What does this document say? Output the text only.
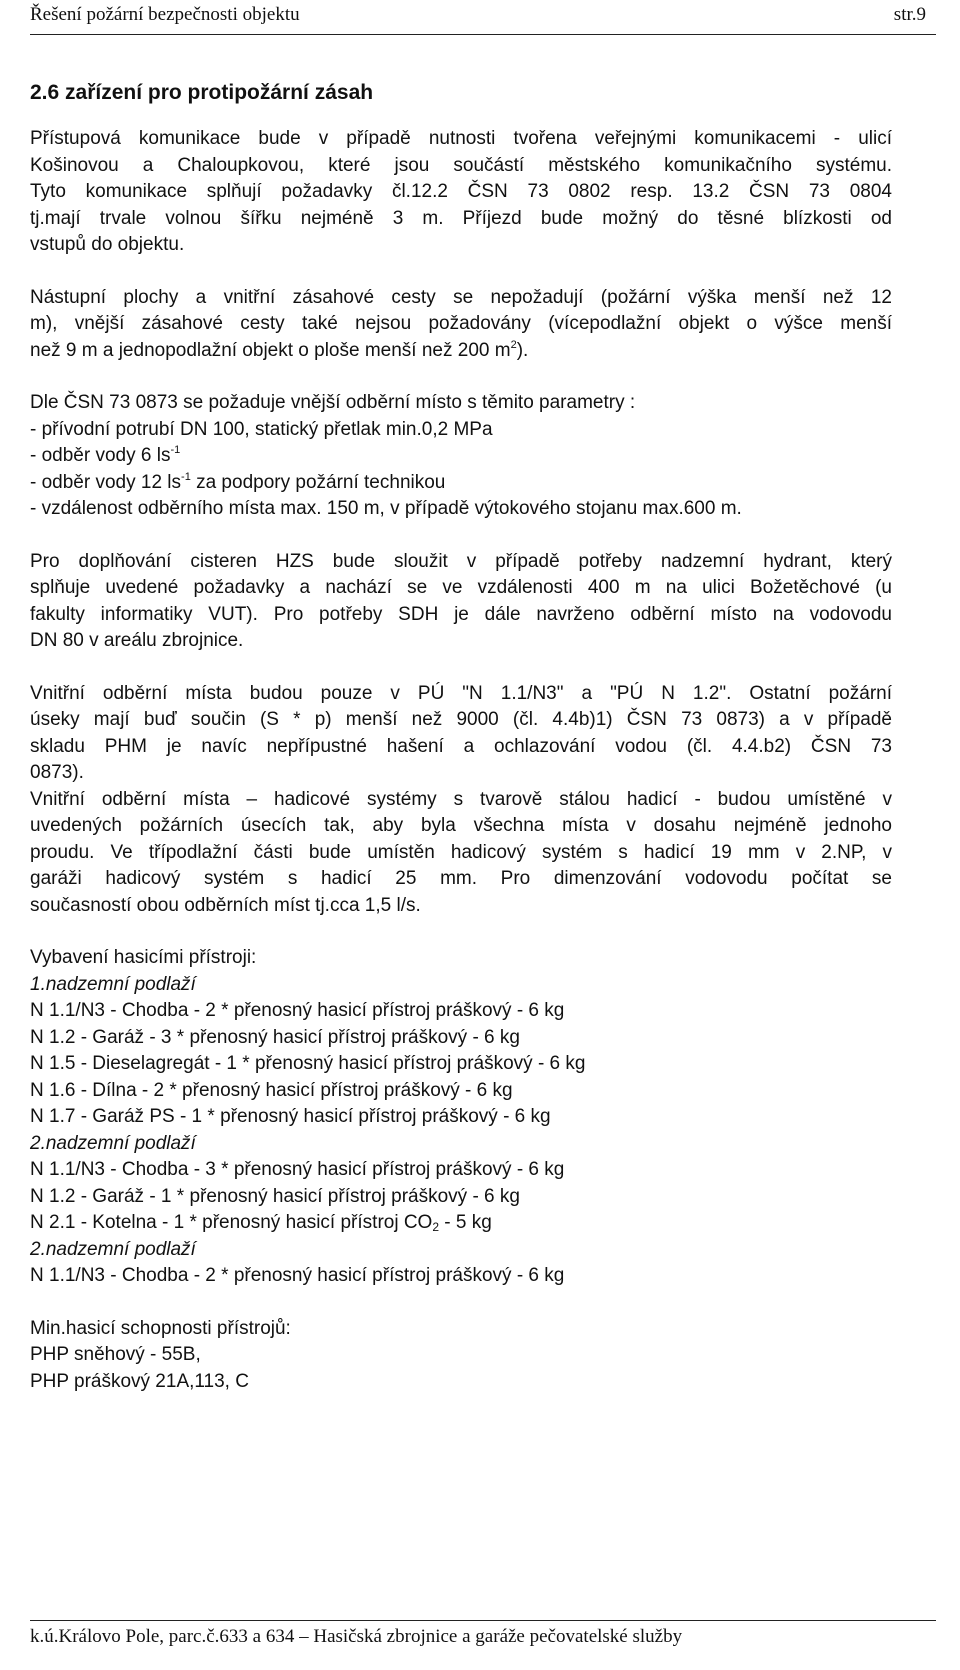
Řešení požární bezpečnosti objektu	str.9
2.6 zařízení pro protipožární zásah
Přístupová komunikace bude v případě nutnosti tvořena veřejnými komunikacemi - ulicí
Košinovou a Chaloupkovou, které jsou součástí městského komunikačního systému.
Tyto komunikace splňují požadavky čl.12.2 ČSN 73 0802 resp. 13.2 ČSN 73 0804
tj.mají trvale volnou šířku nejméně 3 m. Příjezd bude možný do těsné blízkosti od
vstupů do objektu.
Nástupní plochy a vnitřní zásahové cesty se nepožadují (požární výška menší než 12
m), vnější zásahové cesty také nejsou požadovány (vícepodlažní objekt o výšce menší
než 9 m a jednopodlažní objekt o ploše menší než 200 $m^2$).
Dle ČSN 73 0873 se požaduje vnější odběrní místo s těmito parametry :
- přívodní potrubí DN 100, statický přetlak min.0,2 MPa
- odběr vody 6 $ls^{-1}$
- odběr vody 12 $ls^{-1}$ za podpory požární technikou
- vzdálenost odběrního místa max. 150 m, v případě výtokového stojanu max.600 m.
Pro doplňování cisteren HZS bude sloužit v případě potřeby nadzemní hydrant, který
splňuje uvedené požadavky a nachází se ve vzdálenosti 400 m na ulici Božetěchové (u
fakulty informatiky VUT). Pro potřeby SDH je dále navrženo odběrní místo na vodovodu
DN 80 v areálu zbrojnice.
Vnitřní odběrní místa budou pouze v PÚ "N 1.1/N3" a "PÚ N 1.2". Ostatní požární
úseky mají buď součin (S * p) menší než 9000 (čl. 4.4b)1) ČSN 73 0873) a v případě
skladu PHM je navíc nepřípustné hašení a ochlazování vodou (čl. 4.4.b2) ČSN 73
0873).
Vnitřní odběrní místa – hadicové systémy s tvarově stálou hadicí - budou umístěné v
uvedených požárních úsecích tak, aby byla všechna místa v dosahu nejméně jednoho
proudu. Ve třípodlažní části bude umístěn hadicový systém s hadicí 19 mm v 2.NP, v
garáži hadicový systém s hadicí 25 mm. Pro dimenzování vodovodu počítat se
současností obou odběrních míst tj.cca 1,5 l/s.
Vybavení hasicími přístroji:
1.nadzemní podlaží
N 1.1/N3 - Chodba - 2 * přenosný hasicí přístroj práškový - 6 kg
N 1.2 - Garáž - 3 * přenosný hasicí přístroj práškový - 6 kg
N 1.5 - Dieselagregát - 1 * přenosný hasicí přístroj práškový - 6 kg
N 1.6 - Dílna - 2 * přenosný hasicí přístroj práškový - 6 kg
N 1.7 - Garáž PS - 1 * přenosný hasicí přístroj práškový - 6 kg
2.nadzemní podlaží
N 1.1/N3 - Chodba - 3 * přenosný hasicí přístroj práškový - 6 kg
N 1.2 - Garáž - 1 * přenosný hasicí přístroj práškový - 6 kg
N 2.1 - Kotelna - 1 * přenosný hasicí přístroj $CO_2 - 5$ kg
2.nadzemní podlaží
N 1.1/N3 - Chodba - 2 * přenosný hasicí přístroj práškový - 6 kg
Min.hasicí schopnosti přístrojů:
PHP sněhový - 55B,
PHP práškový 21A,113, C
k.ú.Královo Pole, parc.č.633 a 634 – Hasičská zbrojnice a garáže pečovatelské služby
